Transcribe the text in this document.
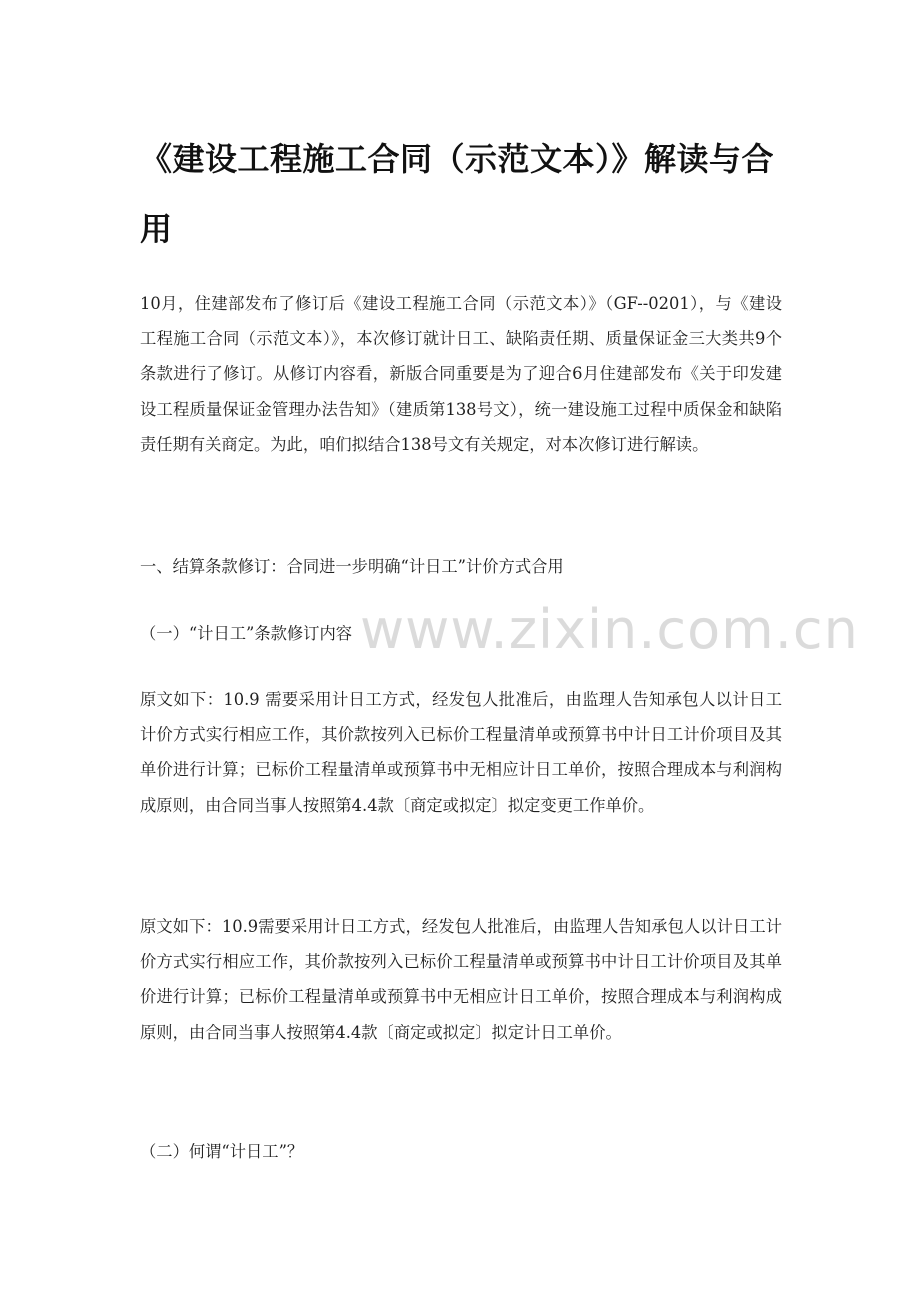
《建设工程施工合同（示范文本）》解读与合用

10月，住建部发布了修订后《建设工程施工合同（示范文本）》（GF--0201），与《建设工程施工合同（示范文本）》，本次修订就计日工、缺陷责任期、质量保证金三大类共9个条款进行了修订。从修订内容看，新版合同重要是为了迎合6月住建部发布《关于印发建设工程质量保证金管理办法告知》（建质第138号文），统一建设施工过程中质保金和缺陷责任期有关商定。为此，咱们拟结合138号文有关规定，对本次修订进行解读。

一、结算条款修订：合同进一步明确“计日工”计价方式合用

（一）“计日工”条款修订内容

原文如下：10.9 需要采用计日工方式，经发包人批准后，由监理人告知承包人以计日工计价方式实行相应工作，其价款按列入已标价工程量清单或预算书中计日工计价项目及其单价进行计算；已标价工程量清单或预算书中无相应计日工单价，按照合理成本与利润构成原则，由合同当事人按照第4.4款〔商定或拟定〕拟定变更工作单价。

原文如下：10.9需要采用计日工方式，经发包人批准后，由监理人告知承包人以计日工计价方式实行相应工作，其价款按列入已标价工程量清单或预算书中计日工计价项目及其单价进行计算；已标价工程量清单或预算书中无相应计日工单价，按照合理成本与利润构成原则，由合同当事人按照第4.4款〔商定或拟定〕拟定计日工单价。

（二）何谓“计日工”？

www.zixin.com.cn
